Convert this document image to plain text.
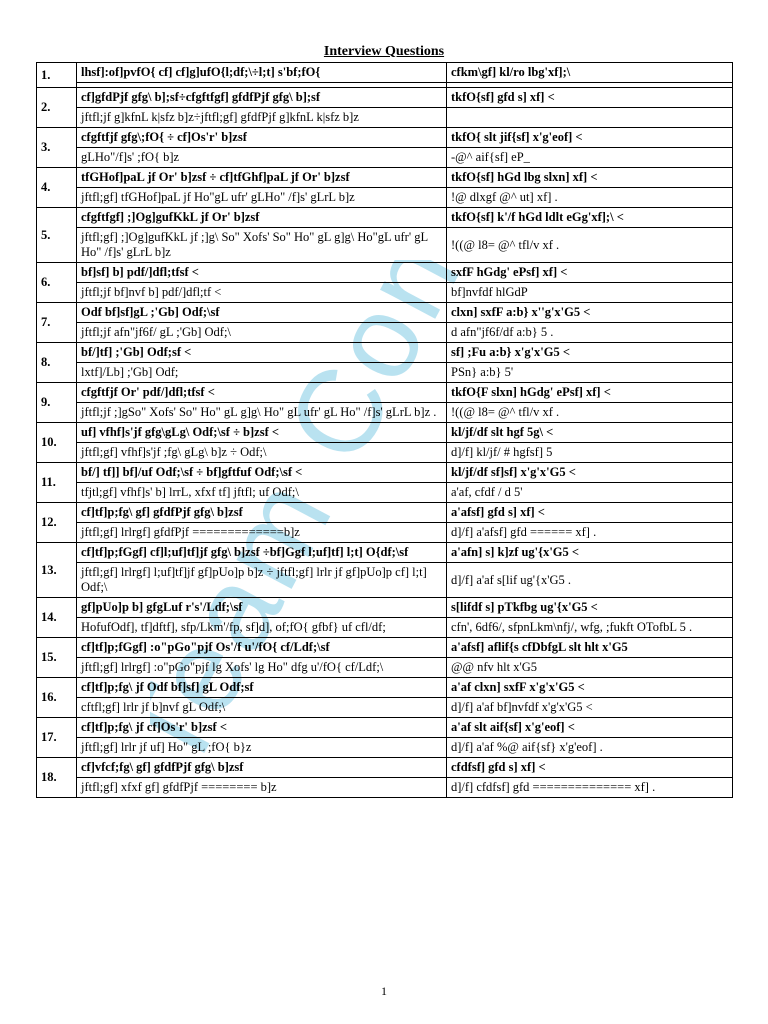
Interview Questions
Team
1.	lhsf]:of]pvfO{ cf] cf]g]ufO{l;df;\÷l;t] s'bf;fO{	cfkm\gf] kl/ro lbg'xf];\

2.	cf]gfdPjf gfg\ b];sf÷cfgftfgf] gfdfPjf gfg\ b];sf	tkfO{sf] gfd s] xf] <
	jftfl;jf g]kfnL k|sfz b]z÷jftfl;gf] gfdfPjf g]kfnL k|sfz b]z	
3.	cfgftfjf gfg\;fO{ ÷ cf]Os'r' b]zsf	tkfO{ slt jif{sf] x'g'eof] <
	gLHo"/f]s' ;fO{ b]z	-@^ aif{sf] eP_
4.	tfGHof]paL jf Or' b]zsf ÷ cf]tfGhf]paL jf Or' b]zsf	tkfO{sf] hGd lbg slxn] xf] <
	jftfl;gf] tfGHof]paL jf Ho"gL ufr' gLHo" /f]s' gLrL b]z	!@ dlxgf @^ ut] xf] .
5.	cfgftfgf] ;]Og]gufKkL jf Or' b]zsf	tkfO{sf] k'/f hGd ldlt eGg'xf];\ <
	jftfl;gf] ;]Og]gufKkL jf ;]g\ So" Xofs' So" Ho" gL g]g\ Ho"gL ufr' gL Ho" /f]s' gLrL b]z	!((@ l8= @^ tfl/v xf .
6.	bf]sf] b] pdf/]dfl;tfsf <	sxfF hGdg' ePsf] xf] <
	jftfl;jf bf]nvf b] pdf/]dfl;tf <	bf]nvfdf hlGdP
7.	Odf bf]sf]gL ;'Gb] Odf;\sf	clxn] sxfF a:b} x''g'x'G5 <
	jftfl;jf afn"jf6f/ gL ;'Gb] Odf;\	d afn"jf6f/df a:b} 5 .
8.	bf/]tf] ;'Gb] Odf;sf <	sf] ;Fu a:b} x'g'x'G5 <
	lxtf]/Lb] ;'Gb] Odf;	PSn} a:b} 5'
9.	cfgftfjf Or' pdf/]dfl;tfsf <	tkfO{F slxn] hGdg' ePsf] xf] <
	jftfl;jf ;]gSo" Xofs' So" Ho" gL g]g\ Ho" gL ufr' gL Ho" /f]s' gLrL b]z .	!((@ l8= @^ tfl/v xf .
10.	uf] vfhf]s'jf gfg\gLg\ Odf;\sf ÷ b]zsf <	kl/jf/df slt hgf 5g\ <
	jftfl;gf] vfhf]s'jf ;fg\ gLg\ b]z ÷ Odf;\	d]/f] kl/jf/ # hgfsf] 5
11.	bf/] tf]] bf]/uf Odf;\sf ÷ bf]gftfuf Odf;\sf <	kl/jf/df sf]sf] x'g'x'G5 <
	tfjtl;gf] vfhf]s' b] lrrL, xfxf tf] jftfl; uf Odf;\	a'af, cfdf / d 5'
12.	cf]tf]p;fg\ gf] gfdfPjf gfg\ b]zsf	a'afsf] gfd s] xf] <
	jftfl;gf] lrlrgf] gfdfPjf =============b]z	d]/f] a'afsf] gfd ====== xf] .
13.	cf]tf]p;fGgf] cf]l;uf]tf]jf gfg\ b]zsf ÷bf]Ggf l;uf]tf] l;t] O{df;\sf	a'afn] s] k]zf ug'{x'G5 <
	jftfl;gf] lrlrgf] l;uf]tf]jf gf]pUo]p b]z ÷ jftfl;gf] lrlr jf gf]pUo]p cf] l;t] Odf;\	d]/f] a'af s[lif ug'{x'G5 .
14.	gf]pUo]p b] gfgLuf r's'/Ldf;\sf	s[lifdf s] pTkfbg ug'{x'G5 <
	HofufOdf], tf]dftf], sfp/Lkm'/fp, sf]d], of;fO{ gfbf} uf cfl/df;	cfn', 6df6/, sfpnLkm\nfj/, wfg, ;fukft OTofbL 5 .
15.	cf]tf]p;fGgf] :o"pGo"pjf Os'/f u'/fO{ cf/Ldf;\sf	a'afsf] aflif{s cfDbfgL slt hlt x'G5
	jftfl;gf] lrlrgf] :o"pGo"pjf lg Xofs' lg Ho" dfg u'/fO{ cf/Ldf;\	@@ nfv hlt x'G5
16.	cf]tf]p;fg\ jf Odf bf]sf] gL Odf;sf	a'af clxn] sxfF x'g'x'G5 <
	cftfl;gf] lrlr jf b]nvf gL Odf;\	d]/f] a'af bf]nvfdf x'g'x'G5 <
17.	cf]tf]p;fg\ jf cf]Os'r' b]zsf <	a'af slt aif{sf] x'g'eof] <
	jftfl;gf] lrlr jf uf] Ho" gL ;fO{ b}z	d]/f] a'af %@ aif{sf} x'g'eof] .
18.	cf]vfcf;fg\ gf] gfdfPjf gfg\ b]zsf	cfdfsf] gfd s] xf] <
	jftfl;gf] xfxf gf] gfdfPjf ======== b]z	d]/f] cfdfsf] gfd ============== xf] .
1
